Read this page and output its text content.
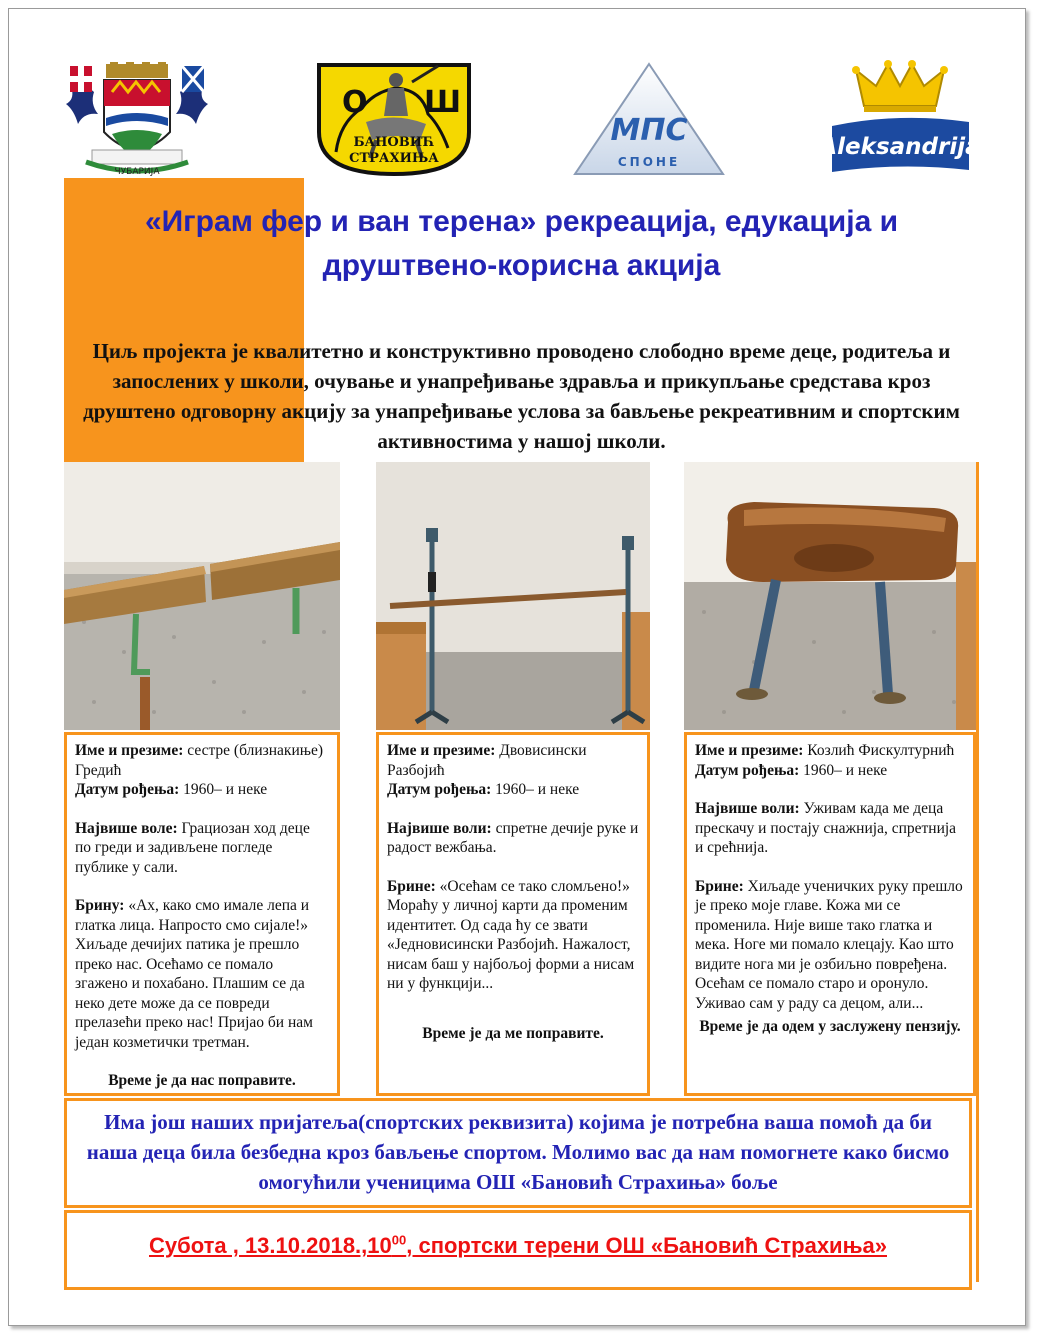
ЧУБАРИЈА
О Ш
БАНОВИЋ
СТРАХИЊА
МПС
СПОНЕ
Aleksandrija
«Играм фер и ван терена» рекреација, едукација и друштвено-корисна акција

Циљ пројекта је квалитетно и конструктивно проводено слободно време деце, родитеља и запослених у школи, очување и унапређивање здравља и прикупљање средстава кроз друштено одговорну акцију за унапређивање услова за бављење рекреативним и спортским активностима у нашој школи.

Име и презиме: сестре (близнакиње) Гредић
Датум рођења: 1960– и неке

Највише воле: Грациозан ход деце по греди и задивљене погледе публике у сали.

Брину: «Ах, како смо имале лепа и глатка лица. Напросто смо сијале!» Хиљаде дечијих патика је прешло преко нас. Осећамо се помало згажено и похабано. Плашим се да неко дете може да се повреди прелазећи преко нас! Пријао би нам један козметички третман.

Време је да нас поправите.

Име и презиме: Двовисински Разбојић
Датум рођења: 1960– и неке

Највише воли: спретне дечије руке и радост вежбања.

Брине: «Осећам се тако сломљено!» Мораћу у личној карти да променим идентитет. Од сада ћу се звати «Једновисински Разбојић. Нажалост, нисам баш у најбољој форми а нисам ни у функцији...

Време је да ме поправите.

Име и презиме: Козлић Фискултурнић
Датум рођења: 1960– и неке

Највише воли: Уживам када ме деца прескачу и постају снажнија, спретнија и срећнија.

Брине: Хиљаде ученичких руку прешло је преко моје главе. Кожа ми се променила. Није више тако глатка и мека. Ноге ми помало клецају. Као што видите нога ми је озбиљно повређена. Осећам се помало старо и оронуло. Уживао сам у раду са децом, али...

Време је да одем у заслужену пензију.

Има још наших пријатеља(спортских реквизита) којима је потребна ваша помоћ да би наша деца била безбедна кроз бављење спортом. Молимо вас да нам помогнете како бисмо омогућили ученицима ОШ «Бановић Страхиња» боље
Субота , 13.10.2018.,10$^{00}$, спортски терени ОШ «Бановић Страхиња»
